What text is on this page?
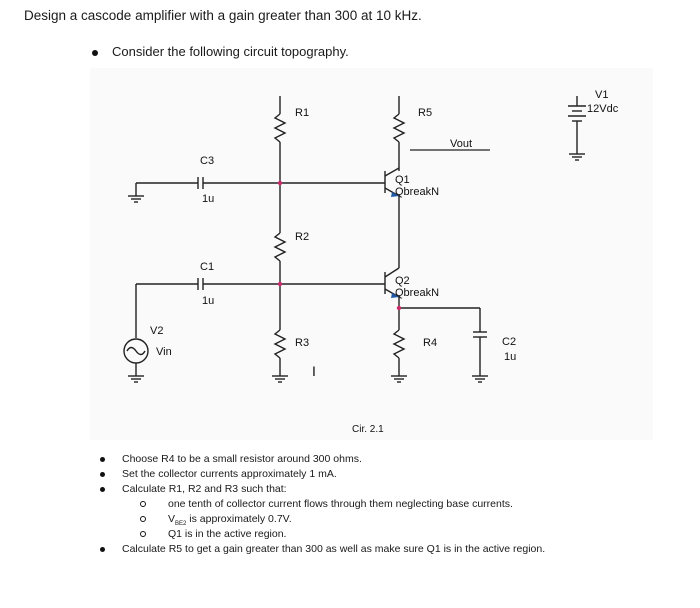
Design a cascode amplifier with a gain greater than 300 at 10 kHz.
Consider the following circuit topography.
R1
R2
R3	R4
R5
C3
1u
C1
1u
C2
1u
Q1
QbreakN
Q2
QbreakN
V1
12Vdc
V2
Vin
Vout
I
Cir. 2.1
Choose R4 to be a small resistor around 300 ohms.
Set the collector currents approximately 1 mA.
Calculate R1, R2 and R3 such that:
one tenth of collector current flows through them neglecting base currents.
$V_{BE2}$ is approximately 0.7V.
Q1 is in the active region.
Calculate R5 to get a gain greater than 300 as well as make sure Q1 is in the active region.
